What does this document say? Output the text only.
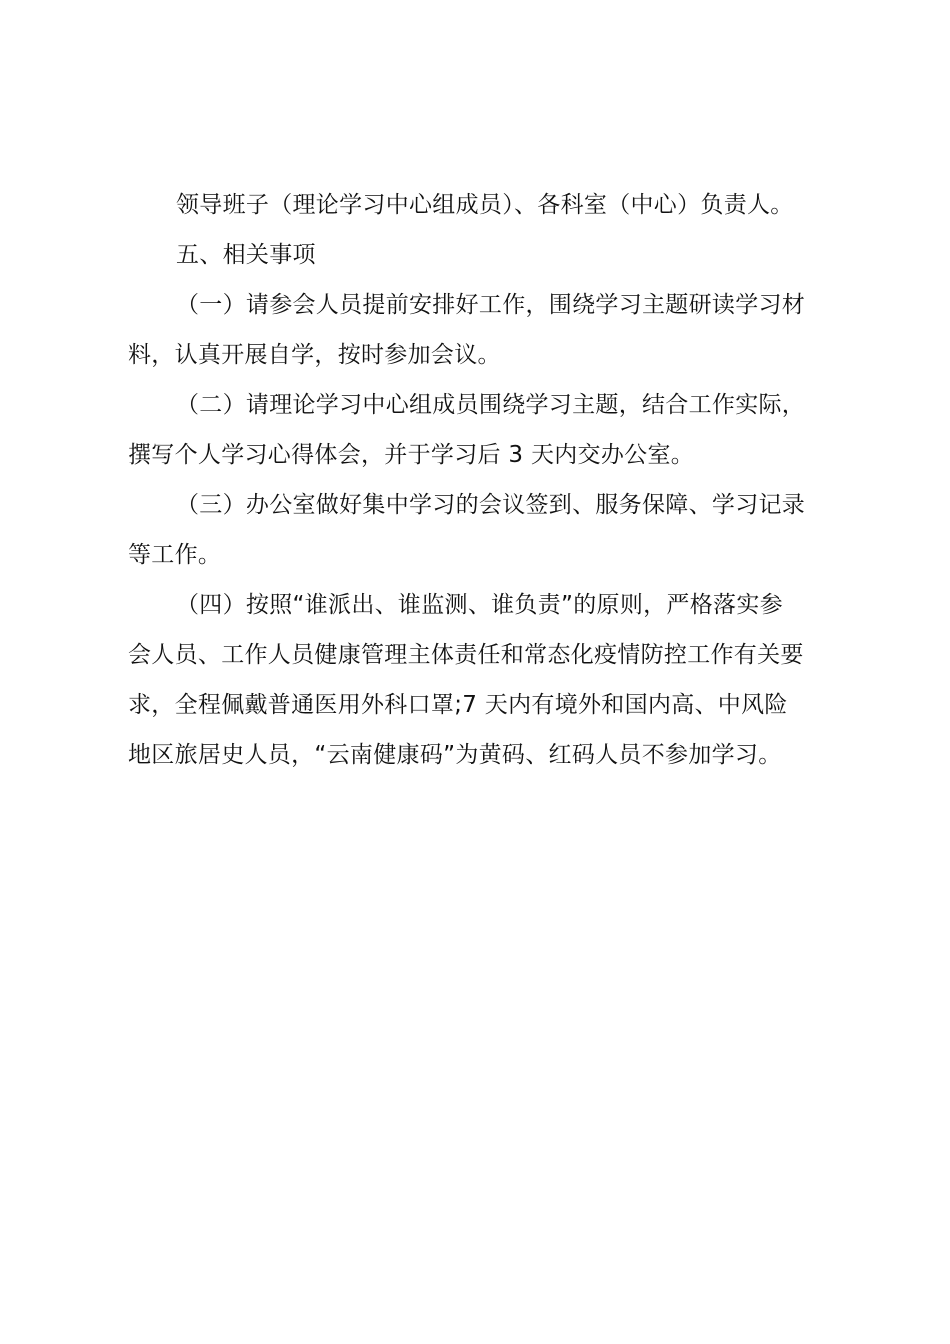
领导班子（理论学习中心组成员）、各科室（中心）负责人。
五、相关事项
（一）请参会人员提前安排好工作，围绕学习主题研读学习材
料，认真开展自学，按时参加会议。
（二）请理论学习中心组成员围绕学习主题，结合工作实际，
撰写个人学习心得体会，并于学习后 3 天内交办公室。
（三）办公室做好集中学习的会议签到、服务保障、学习记录
等工作。
（四）按照“谁派出、谁监测、谁负责”的原则，严格落实参
会人员、工作人员健康管理主体责任和常态化疫情防控工作有关要
求，全程佩戴普通医用外科口罩;7 天内有境外和国内高、中风险
地区旅居史人员，“云南健康码”为黄码、红码人员不参加学习。
